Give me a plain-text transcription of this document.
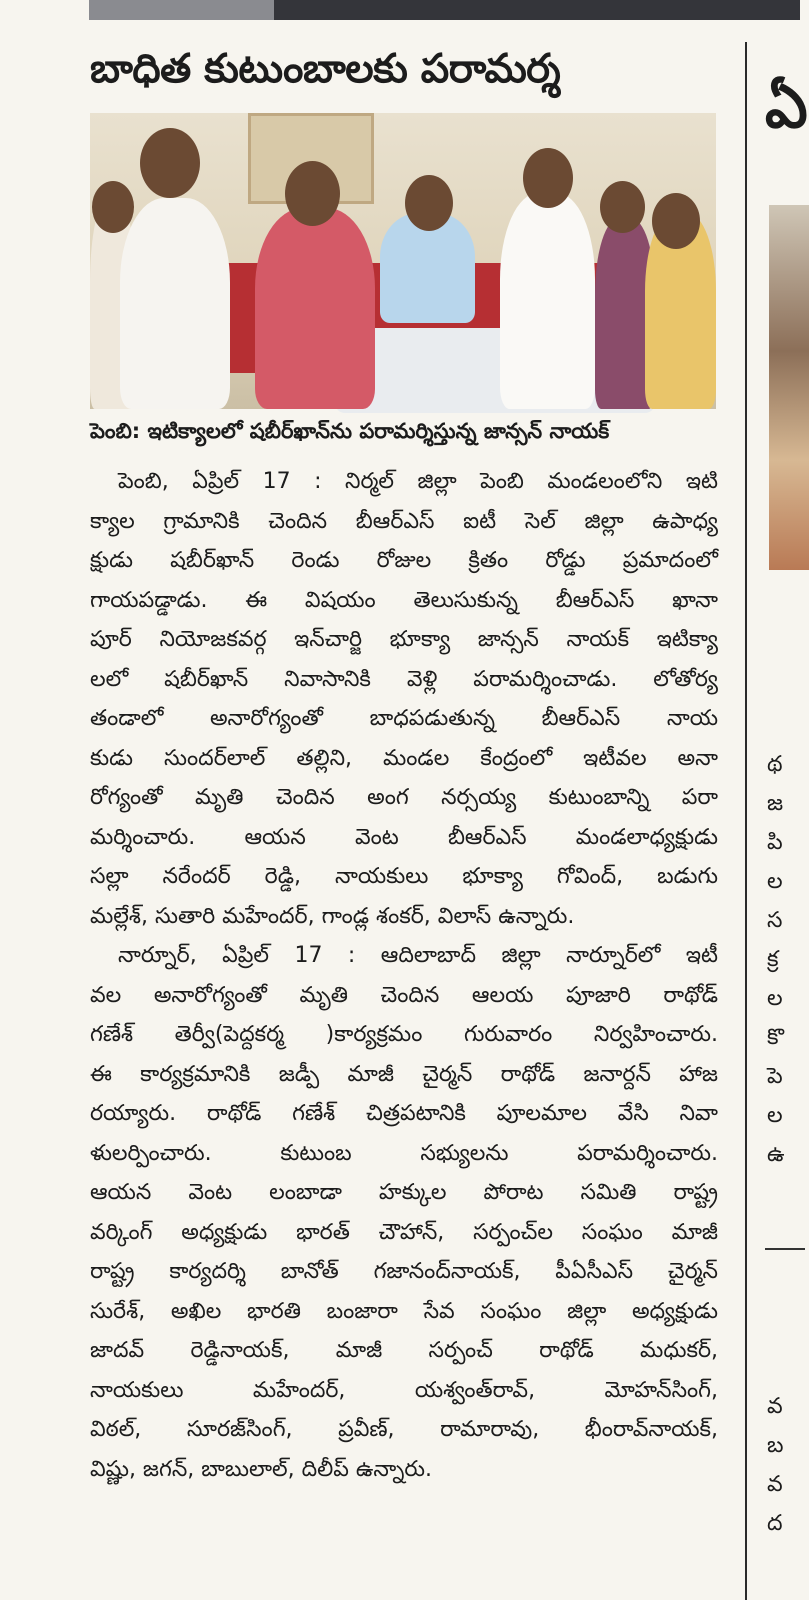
బాధిత కుటుంబాలకు పరామర్శ
పెంబి: ఇటిక్యాలలో షబీర్‌ఖాన్‌ను పరామర్శిస్తున్న జాన్సన్ నాయక్
పెంబి, ఏప్రిల్ 17 : నిర్మల్ జిల్లా పెంబి మండలంలోని ఇటి
క్యాల గ్రామానికి చెందిన బీఆర్ఎస్ ఐటీ సెల్ జిల్లా ఉపాధ్య
క్షుడు షబీర్‌ఖాన్ రెండు రోజుల క్రితం రోడ్డు ప్రమాదంలో
గాయపడ్డాడు. ఈ విషయం తెలుసుకున్న బీఆర్ఎస్ ఖానా
పూర్ నియోజకవర్గ ఇన్‌చార్జి భూక్యా జాన్సన్ నాయక్ ఇటిక్యా
లలో షబీర్‌ఖాన్ నివాసానికి వెళ్లి పరామర్శించాడు. లోతోర్య
తండాలో అనారోగ్యంతో బాధపడుతున్న బీఆర్ఎస్ నాయ
కుడు సుందర్‌లాల్ తల్లిని, మండల కేంద్రంలో ఇటీవల అనా
రోగ్యంతో మృతి చెందిన అంగ నర్సయ్య కుటుంబాన్ని పరా
మర్శించారు. ఆయన వెంట బీఆర్ఎస్ మండలాధ్యక్షుడు
సల్లా నరేందర్ రెడ్డి, నాయకులు భూక్యా గోవింద్, బడుగు
మల్లేశ్, సుతారి మహేందర్, గాండ్ల శంకర్, విలాస్ ఉన్నారు.
నార్నూర్, ఏప్రిల్ 17 : ఆదిలాబాద్ జిల్లా నార్నూర్‌లో ఇటీ
వల అనారోగ్యంతో మృతి చెందిన ఆలయ పూజారి రాథోడ్
గణేశ్ తెర్వీ(పెద్దకర్మ )కార్యక్రమం గురువారం నిర్వహించారు.
ఈ కార్యక్రమానికి జడ్పీ మాజీ చైర్మన్ రాథోడ్ జనార్దన్ హాజ
రయ్యారు. రాథోడ్ గణేశ్ చిత్రపటానికి పూలమాల వేసి నివా
ళులర్పించారు. కుటుంబ సభ్యులను పరామర్శించారు.
ఆయన వెంట లంబాడా హక్కుల పోరాట సమితి రాష్ట్ర
వర్కింగ్ అధ్యక్షుడు భారత్ చౌహాన్, సర్పంచ్‌ల సంఘం మాజీ
రాష్ట్ర కార్యదర్శి బానోత్ గజానంద్‌నాయక్, పీఏసీఎస్ చైర్మన్
సురేశ్, అఖిల భారతి బంజారా సేవ సంఘం జిల్లా అధ్యక్షుడు
జాదవ్ రెడ్డినాయక్, మాజీ సర్పంచ్ రాథోడ్ మధుకర్,
నాయకులు మహేందర్, యశ్వంత్‌రావ్, మోహన్‌సింగ్,
విఠల్, సూరజ్‌సింగ్, ప్రవీణ్, రామారావు, భీంరావ్‌నాయక్,
విష్ణు, జగన్, బాబులాల్, దిలీప్ ఉన్నారు.
ఏ
థ
జ
పి
ల
స
క్ర
ల
కొ
పె
ల
ఉ
వ
బ
వ
ద
